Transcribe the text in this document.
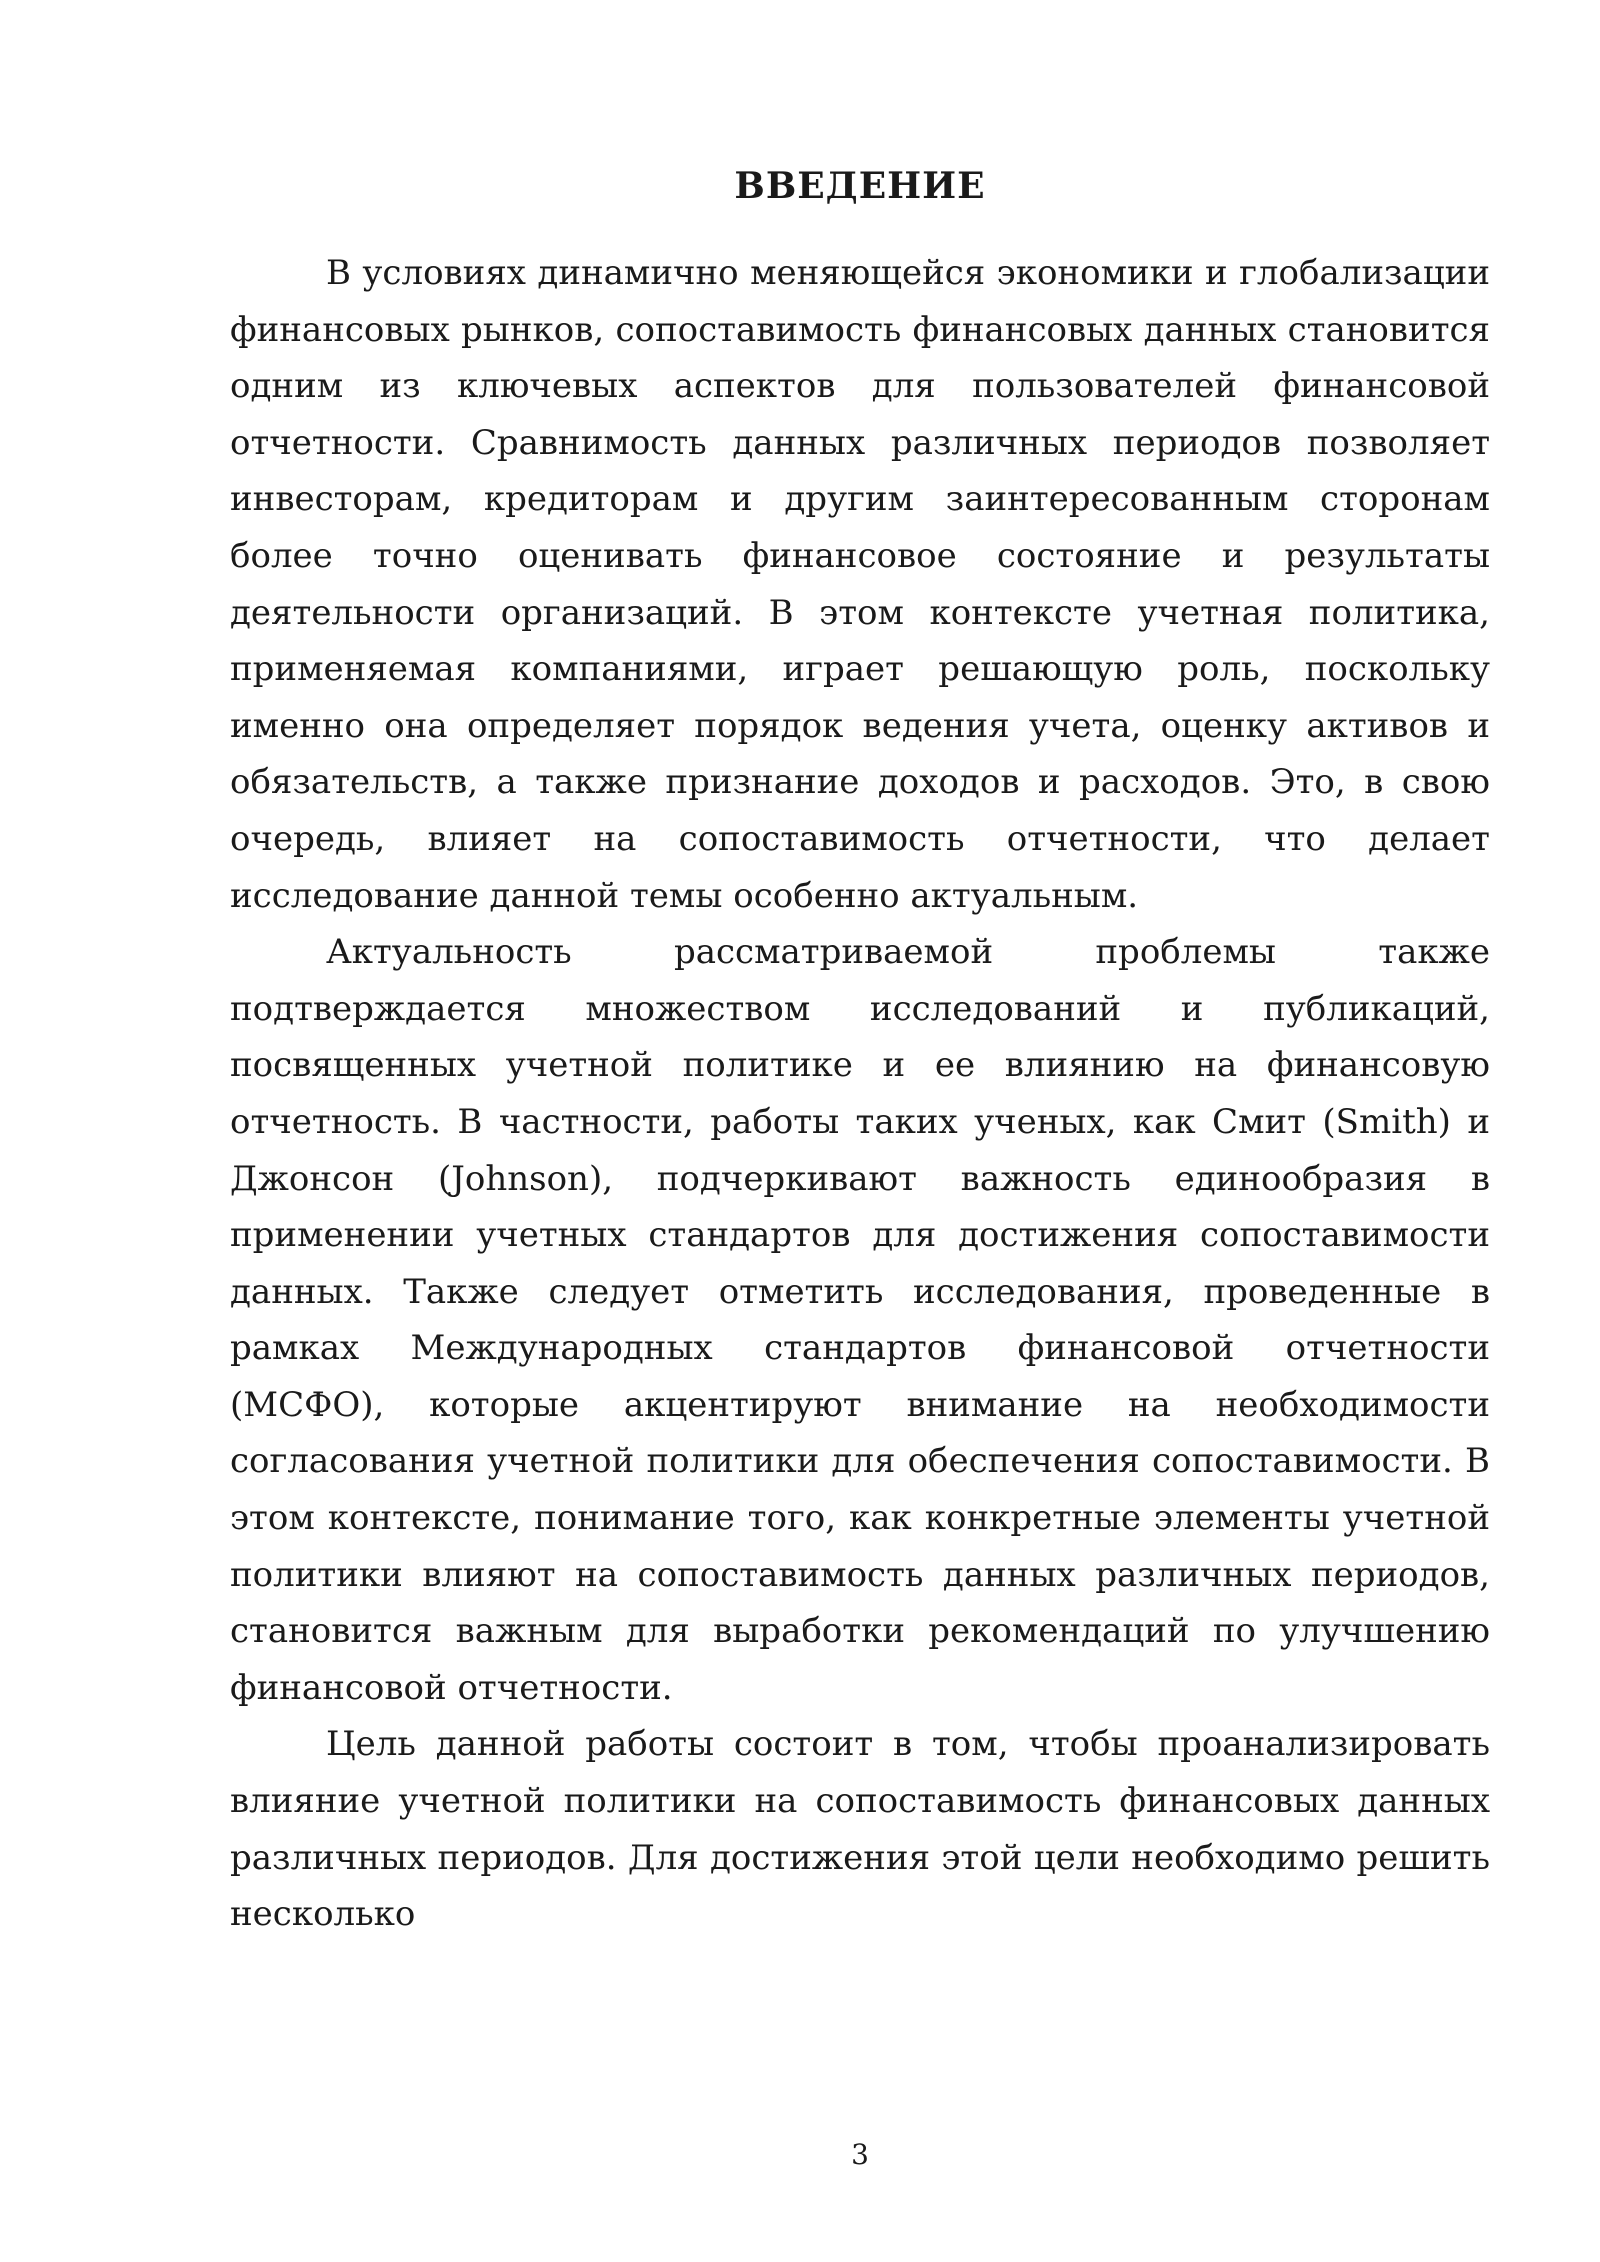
ВВЕДЕНИЕ

В условиях динамично меняющейся экономики и глобализации финансовых рынков, сопоставимость финансовых данных становится одним из ключевых аспектов для пользователей финансовой отчетности. Сравнимость данных различных периодов позволяет инвесторам, кредиторам и другим заинтересованным сторонам более точно оценивать финансовое состояние и результаты деятельности организаций. В этом контексте учетная политика, применяемая компаниями, играет решающую роль, поскольку именно она определяет порядок ведения учета, оценку активов и обязательств, а также признание доходов и расходов. Это, в свою очередь, влияет на сопоставимость отчетности, что делает исследование данной темы особенно актуальным.

Актуальность рассматриваемой проблемы также подтверждается множеством исследований и публикаций, посвященных учетной политике и ее влиянию на финансовую отчетность. В частности, работы таких ученых, как Смит (Smith) и Джонсон (Johnson), подчеркивают важность единообразия в применении учетных стандартов для достижения сопоставимости данных. Также следует отметить исследования, проведенные в рамках Международных стандартов финансовой отчетности (МСФО), которые акцентируют внимание на необходимости согласования учетной политики для обеспечения сопоставимости. В этом контексте, понимание того, как конкретные элементы учетной политики влияют на сопоставимость данных различных периодов, становится важным для выработки рекомендаций по улучшению финансовой отчетности.

Цель данной работы состоит в том, чтобы проанализировать влияние учетной политики на сопоставимость финансовых данных различных периодов. Для достижения этой цели необходимо решить несколько

3
